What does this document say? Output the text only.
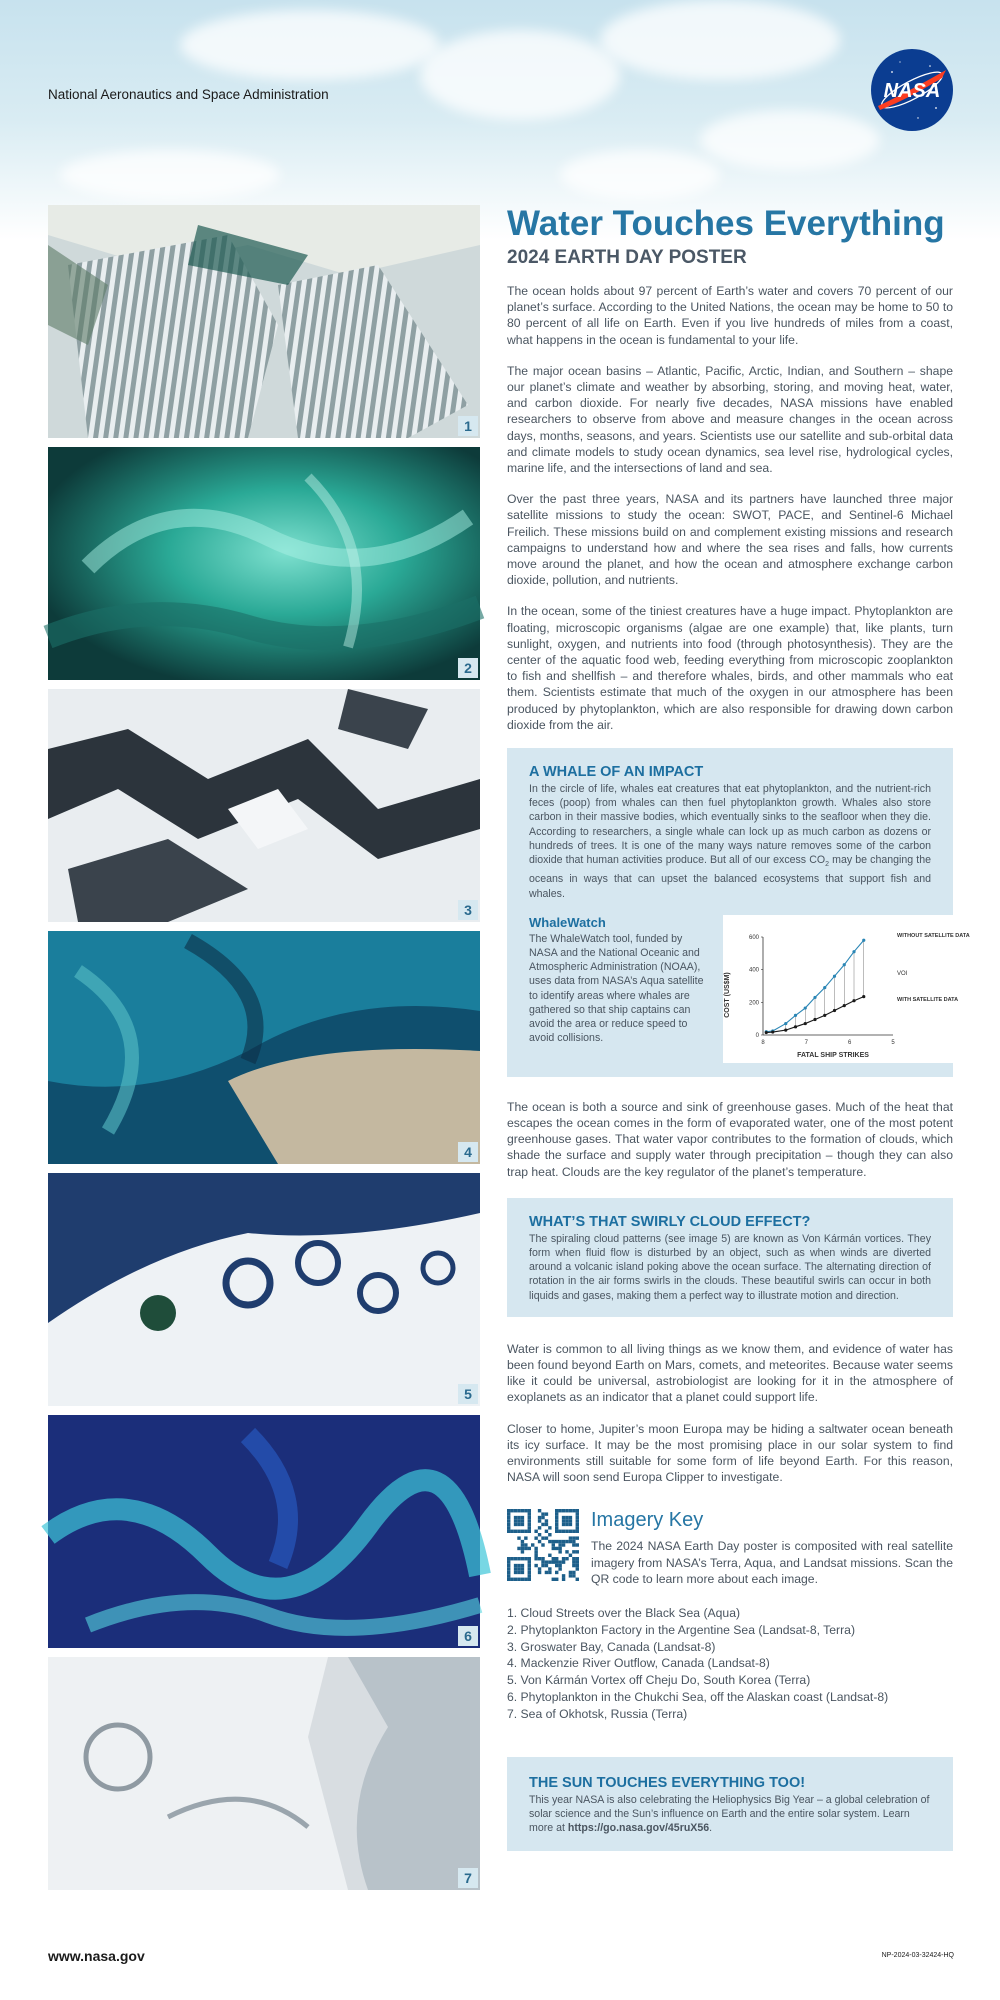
National Aeronautics and Space Administration	NASA
1
2
3
4
5
6
7
Water Touches Everything
2024 EARTH DAY POSTER

The ocean holds about 97 percent of Earth’s water and covers 70 percent of our planet’s surface. According to the United Nations, the ocean may be home to 50 to 80 percent of all life on Earth. Even if you live hundreds of miles from a coast, what happens in the ocean is fundamental to your life.

The major ocean basins – Atlantic, Pacific, Arctic, Indian, and Southern – shape our planet’s climate and weather by absorbing, storing, and moving heat, water, and carbon dioxide. For nearly five decades, NASA missions have enabled researchers to observe from above and measure changes in the ocean across days, months, seasons, and years. Scientists use our satellite and sub-orbital data and climate models to study ocean dynamics, sea level rise, hydrological cycles, marine life, and the intersections of land and sea.

Over the past three years, NASA and its partners have launched three major satellite missions to study the ocean: SWOT, PACE, and Sentinel-6 Michael Freilich. These missions build on and complement existing missions and research campaigns to understand how and where the sea rises and falls, how currents move around the planet, and how the ocean and atmosphere exchange carbon dioxide, pollution, and nutrients.

In the ocean, some of the tiniest creatures have a huge impact. Phytoplankton are floating, microscopic organisms (algae are one example) that, like plants, turn sunlight, oxygen, and nutrients into food (through photosynthesis). They are the center of the aquatic food web, feeding everything from microscopic zooplankton to fish and shellfish – and therefore whales, birds, and other mammals who eat them. Scientists estimate that much of the oxygen in our atmosphere has been produced by phytoplankton, which are also responsible for drawing down carbon dioxide from the air.

A WHALE OF AN IMPACT

In the circle of life, whales eat creatures that eat phytoplankton, and the nutrient-rich feces (poop) from whales can then fuel phytoplankton growth. Whales also store carbon in their massive bodies, which eventually sinks to the seafloor when they die. According to researchers, a single whale can lock up as much carbon as dozens or hundreds of trees. It is one of the many ways nature removes some of the carbon dioxide that human activities produce. But all of our excess $CO_2$ may be changing the oceans in ways that can upset the balanced ecosystems that support fish and whales.

WhaleWatch

The WhaleWatch tool, funded by NASA and the National Oceanic and Atmospheric Administration (NOAA), uses data from NASA’s Aqua satellite to identify areas where whales are gathered so that ship captains can avoid the area or reduce speed to avoid collisions.	0
200
400
600
8	7	6	5
COST (US$M)
FATAL SHIP STRIKES
WITHOUT SATELLITE DATA
WITH SATELLITE DATA
VOI

The ocean is both a source and sink of greenhouse gases. Much of the heat that escapes the ocean comes in the form of evaporated water, one of the most potent greenhouse gases. That water vapor contributes to the formation of clouds, which shade the surface and supply water through precipitation – though they can also trap heat. Clouds are the key regulator of the planet’s temperature.

WHAT’S THAT SWIRLY CLOUD EFFECT?

The spiraling cloud patterns (see image 5) are known as Von Kármán vortices. They form when fluid flow is disturbed by an object, such as when winds are diverted around a volcanic island poking above the ocean surface. The alternating direction of rotation in the air forms swirls in the clouds. These beautiful swirls can occur in both liquids and gases, making them a perfect way to illustrate motion and direction.

Water is common to all living things as we know them, and evidence of water has been found beyond Earth on Mars, comets, and meteorites. Because water seems like it could be universal, astrobiologist are looking for it in the atmosphere of exoplanets as an indicator that a planet could support life.

Closer to home, Jupiter’s moon Europa may be hiding a saltwater ocean beneath its icy surface. It may be the most promising place in our solar system to find environments still suitable for some form of life beyond Earth. For this reason, NASA will soon send Europa Clipper to investigate.

Imagery Key

The 2024 NASA Earth Day poster is composited with real satellite imagery from NASA’s Terra, Aqua, and Landsat missions. Scan the QR code to learn more about each image.

1. Cloud Streets over the Black Sea (Aqua)
2. Phytoplankton Factory in the Argentine Sea (Landsat-8, Terra)
3. Groswater Bay, Canada (Landsat-8)
4. Mackenzie River Outflow, Canada (Landsat-8)
5. Von Kármán Vortex off Cheju Do, South Korea (Terra)
6. Phytoplankton in the Chukchi Sea, off the Alaskan coast (Landsat-8)
7. Sea of Okhotsk, Russia (Terra)
THE SUN TOUCHES EVERYTHING TOO!

This year NASA is also celebrating the Heliophysics Big Year – a global celebration of solar science and the Sun’s influence on Earth and the entire solar system. Learn more at https://go.nasa.gov/45ruX56.

www.nasa.gov	NP-2024-03-32424-HQ
